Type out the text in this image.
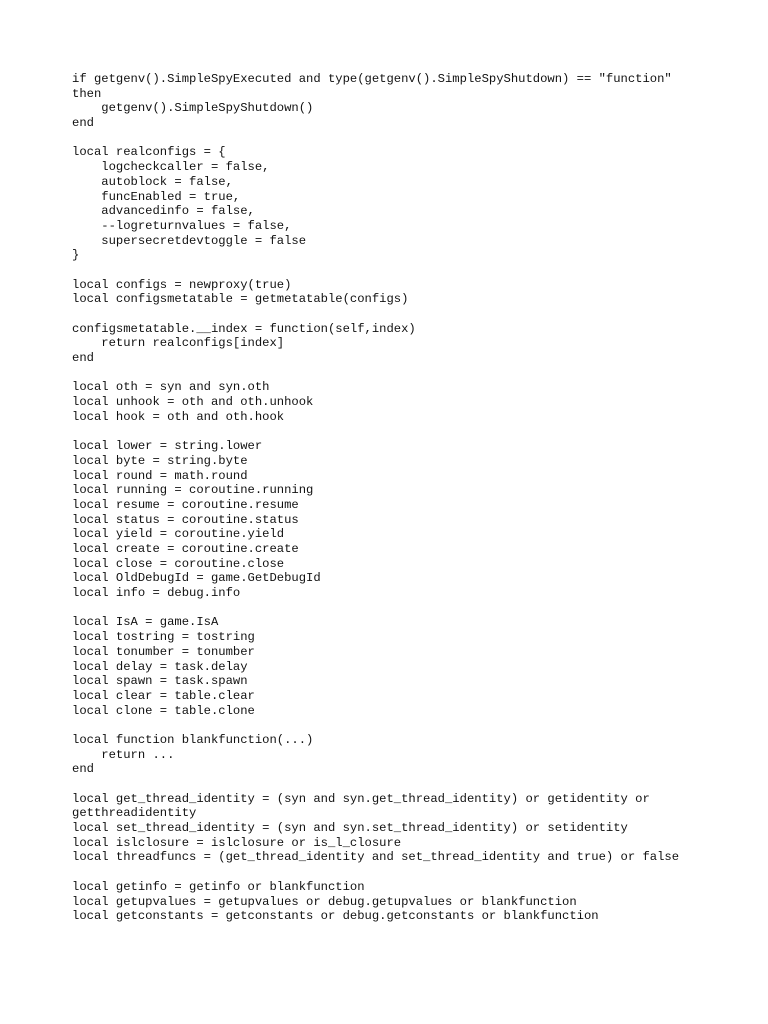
if getgenv().SimpleSpyExecuted and type(getgenv().SimpleSpyShutdown) == "function"
then
getgenv().SimpleSpyShutdown()
end
local realconfigs = {
logcheckcaller = false,
autoblock = false,
funcEnabled = true,
advancedinfo = false,
--logreturnvalues = false,
supersecretdevtoggle = false
}
local configs = newproxy(true)
local configsmetatable = getmetatable(configs)
configsmetatable.__index = function(self,index)
return realconfigs[index]
end
local oth = syn and syn.oth
local unhook = oth and oth.unhook
local hook = oth and oth.hook
local lower = string.lower
local byte = string.byte
local round = math.round
local running = coroutine.running
local resume = coroutine.resume
local status = coroutine.status
local yield = coroutine.yield
local create = coroutine.create
local close = coroutine.close
local OldDebugId = game.GetDebugId
local info = debug.info
local IsA = game.IsA
local tostring = tostring
local tonumber = tonumber
local delay = task.delay
local spawn = task.spawn
local clear = table.clear
local clone = table.clone
local function blankfunction(...)
return ...
end
local get_thread_identity = (syn and syn.get_thread_identity) or getidentity or
getthreadidentity
local set_thread_identity = (syn and syn.set_thread_identity) or setidentity
local islclosure = islclosure or is_l_closure
local threadfuncs = (get_thread_identity and set_thread_identity and true) or false
local getinfo = getinfo or blankfunction
local getupvalues = getupvalues or debug.getupvalues or blankfunction
local getconstants = getconstants or debug.getconstants or blankfunction
